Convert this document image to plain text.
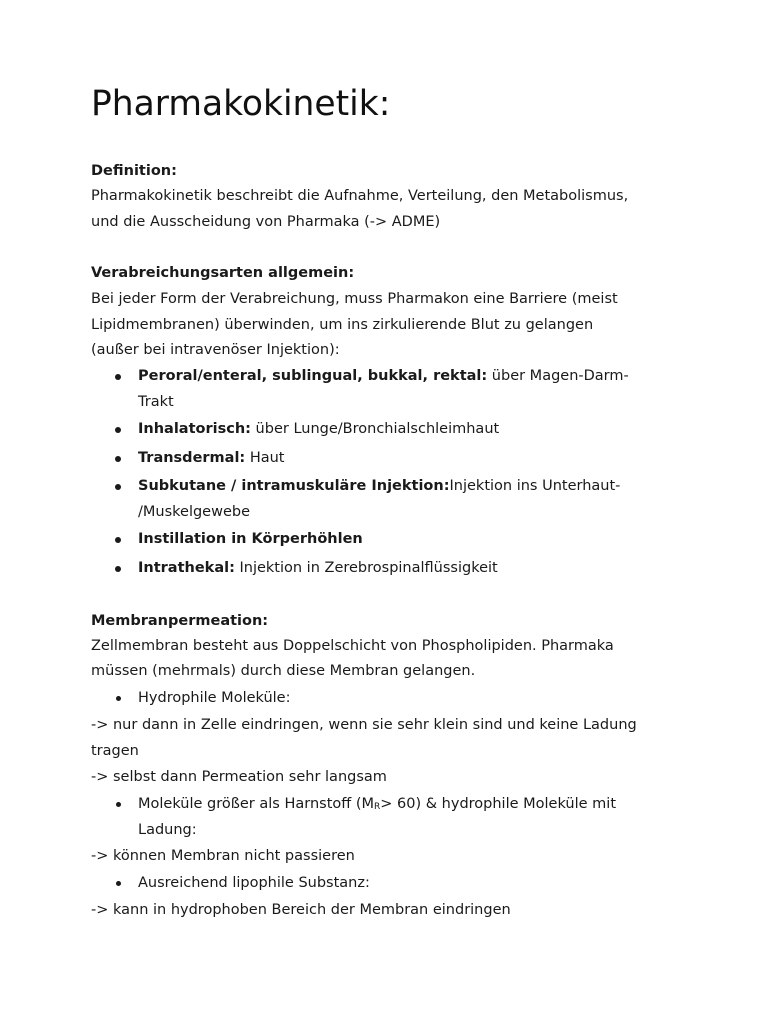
Pharmakokinetik:
Definition:
Pharmakokinetik beschreibt die Aufnahme, Verteilung, den Metabolismus,
und die Ausscheidung von Pharmaka (-> ADME)
Verabreichungsarten allgemein:
Bei jeder Form der Verabreichung, muss Pharmakon eine Barriere (meist
Lipidmembranen) überwinden, um ins zirkulierende Blut zu gelangen
(außer bei intravenöser Injektion):
Peroral/enteral, sublingual, bukkal, rektal: über Magen-Darm-
Trakt
Inhalatorisch: über Lunge/Bronchialschleimhaut
Transdermal: Haut
Subkutane / intramuskuläre Injektion:Injektion ins Unterhaut-
/Muskelgewebe
Instillation in Körperhöhlen
Intrathekal: Injektion in Zerebrospinalflüssigkeit
Membranpermeation:
Zellmembran besteht aus Doppelschicht von Phospholipiden. Pharmaka
müssen (mehrmals) durch diese Membran gelangen.
Hydrophile Moleküle:
-> nur dann in Zelle eindringen, wenn sie sehr klein sind und keine Ladung
tragen
-> selbst dann Permeation sehr langsam
Moleküle größer als Harnstoff $(M_R> 60)$ & hydrophile Moleküle mit
Ladung:
-> können Membran nicht passieren
Ausreichend lipophile Substanz:
-> kann in hydrophoben Bereich der Membran eindringen
